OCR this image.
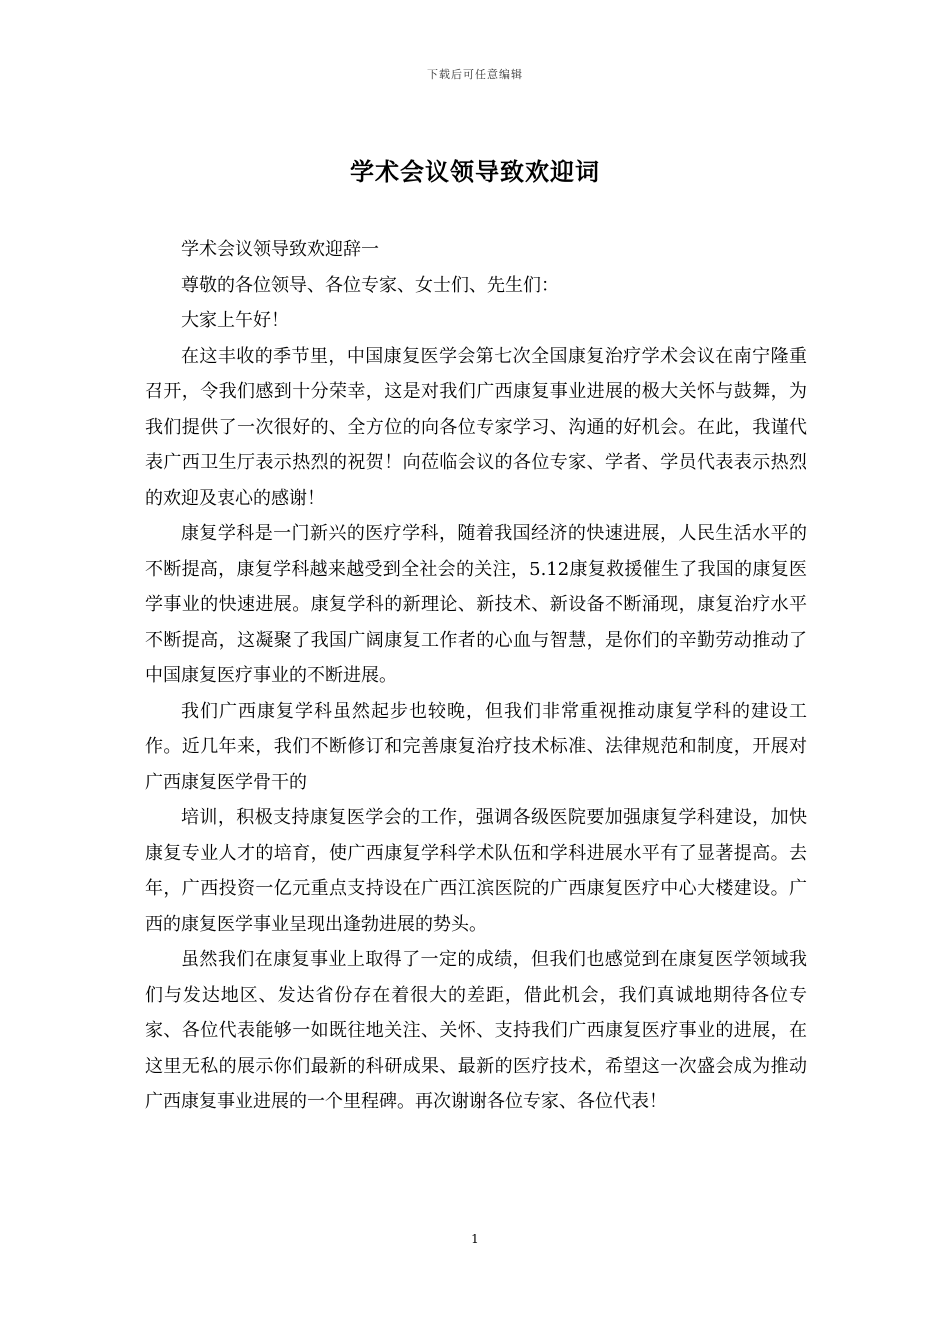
下载后可任意编辑
学术会议领导致欢迎词

学术会议领导致欢迎辞一

尊敬的各位领导、各位专家、女士们、先生们：

大家上午好！

在这丰收的季节里，中国康复医学会第七次全国康复治疗学术会议在南宁隆重召开，令我们感到十分荣幸，这是对我们广西康复事业进展的极大关怀与鼓舞，为我们提供了一次很好的、全方位的向各位专家学习、沟通的好机会。在此，我谨代表广西卫生厅表示热烈的祝贺！向莅临会议的各位专家、学者、学员代表表示热烈的欢迎及衷心的感谢！

康复学科是一门新兴的医疗学科，随着我国经济的快速进展，人民生活水平的不断提高，康复学科越来越受到全社会的关注，5.12康复救援催生了我国的康复医学事业的快速进展。康复学科的新理论、新技术、新设备不断涌现，康复治疗水平不断提高，这凝聚了我国广阔康复工作者的心血与智慧，是你们的辛勤劳动推动了中国康复医疗事业的不断进展。

我们广西康复学科虽然起步也较晚，但我们非常重视推动康复学科的建设工作。近几年来，我们不断修订和完善康复治疗技术标准、法律规范和制度，开展对广西康复医学骨干的

培训，积极支持康复医学会的工作，强调各级医院要加强康复学科建设，加快康复专业人才的培育，使广西康复学科学术队伍和学科进展水平有了显著提高。去年，广西投资一亿元重点支持设在广西江滨医院的广西康复医疗中心大楼建设。广西的康复医学事业呈现出逢勃进展的势头。

虽然我们在康复事业上取得了一定的成绩，但我们也感觉到在康复医学领域我们与发达地区、发达省份存在着很大的差距，借此机会，我们真诚地期待各位专家、各位代表能够一如既往地关注、关怀、支持我们广西康复医疗事业的进展，在这里无私的展示你们最新的科研成果、最新的医疗技术，希望这一次盛会成为推动广西康复事业进展的一个里程碑。再次谢谢各位专家、各位代表！

1
